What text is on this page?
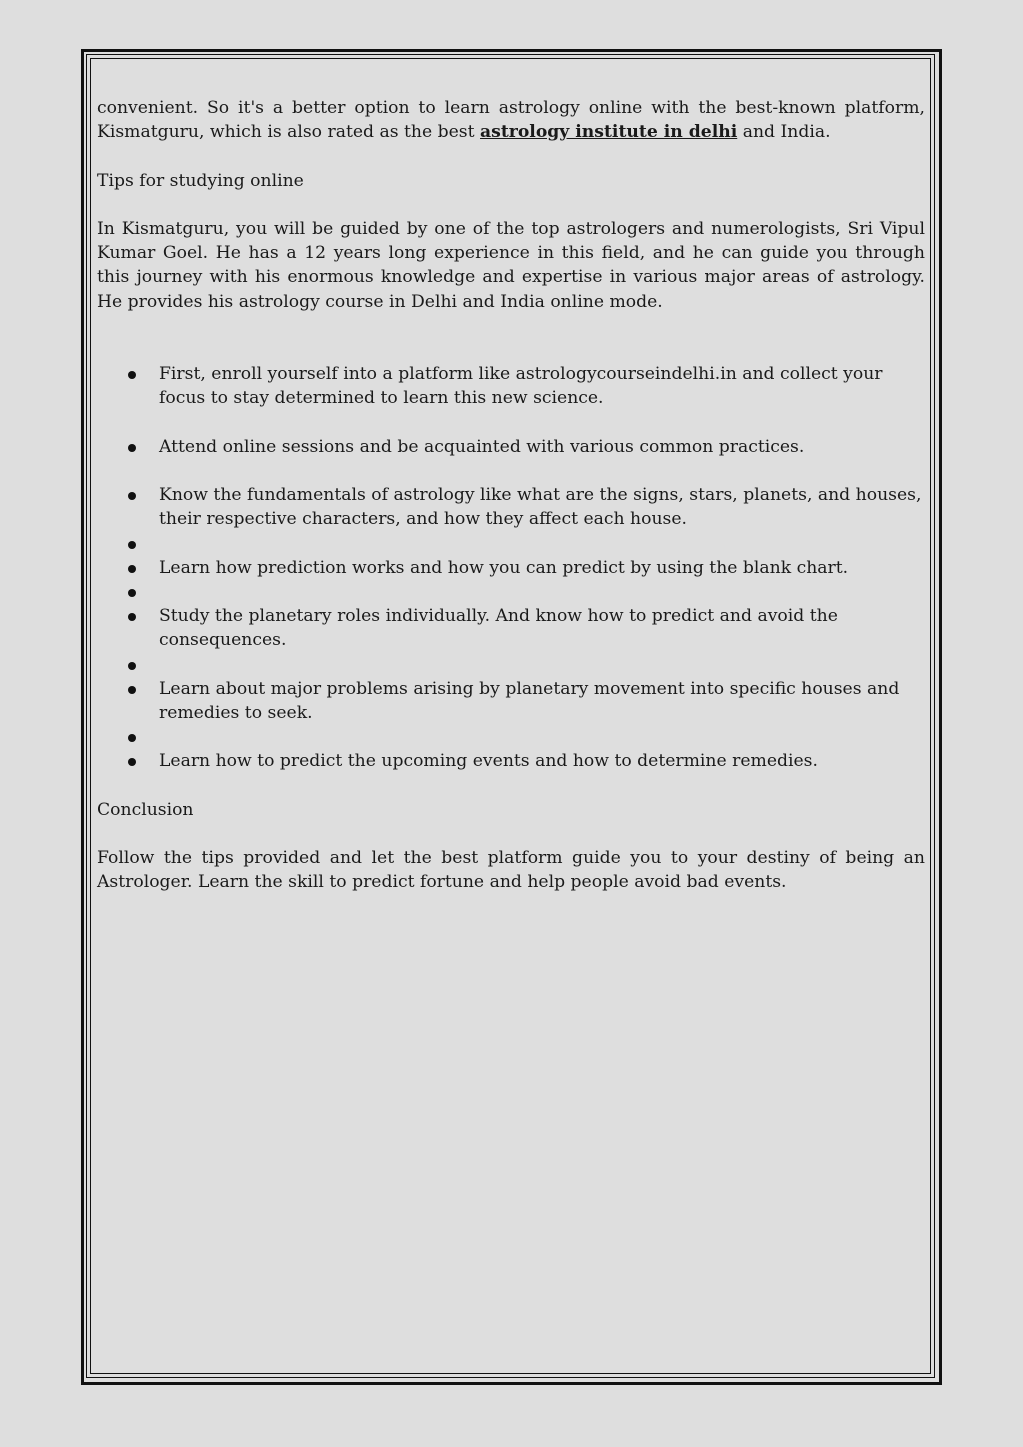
convenient. So it's a better option to learn astrology online with the best-known platform, Kismatguru, which is also rated as the best astrology institute in delhi and India.

Tips for studying online

In Kismatguru, you will be guided by one of the top astrologers and numerologists, Sri Vipul Kumar Goel. He has a 12 years long experience in this field, and he can guide you through this journey with his enormous knowledge and expertise in various major areas of astrology. He provides his astrology course in Delhi and India online mode.

First, enroll yourself into a platform like astrologycourseindelhi.in and collect your focus to stay determined to learn this new science.
Attend online sessions and be acquainted with various common practices.
Know the fundamentals of astrology like what are the signs, stars, planets, and houses, their respective characters, and how they affect each house.
Learn how prediction works and how you can predict by using the blank chart.
Study the planetary roles individually. And know how to predict and avoid the consequences.
Learn about major problems arising by planetary movement into specific houses and remedies to seek.
Learn how to predict the upcoming events and how to determine remedies.

Conclusion

Follow the tips provided and let the best platform guide you to your destiny of being an Astrologer. Learn the skill to predict fortune and help people avoid bad events.
